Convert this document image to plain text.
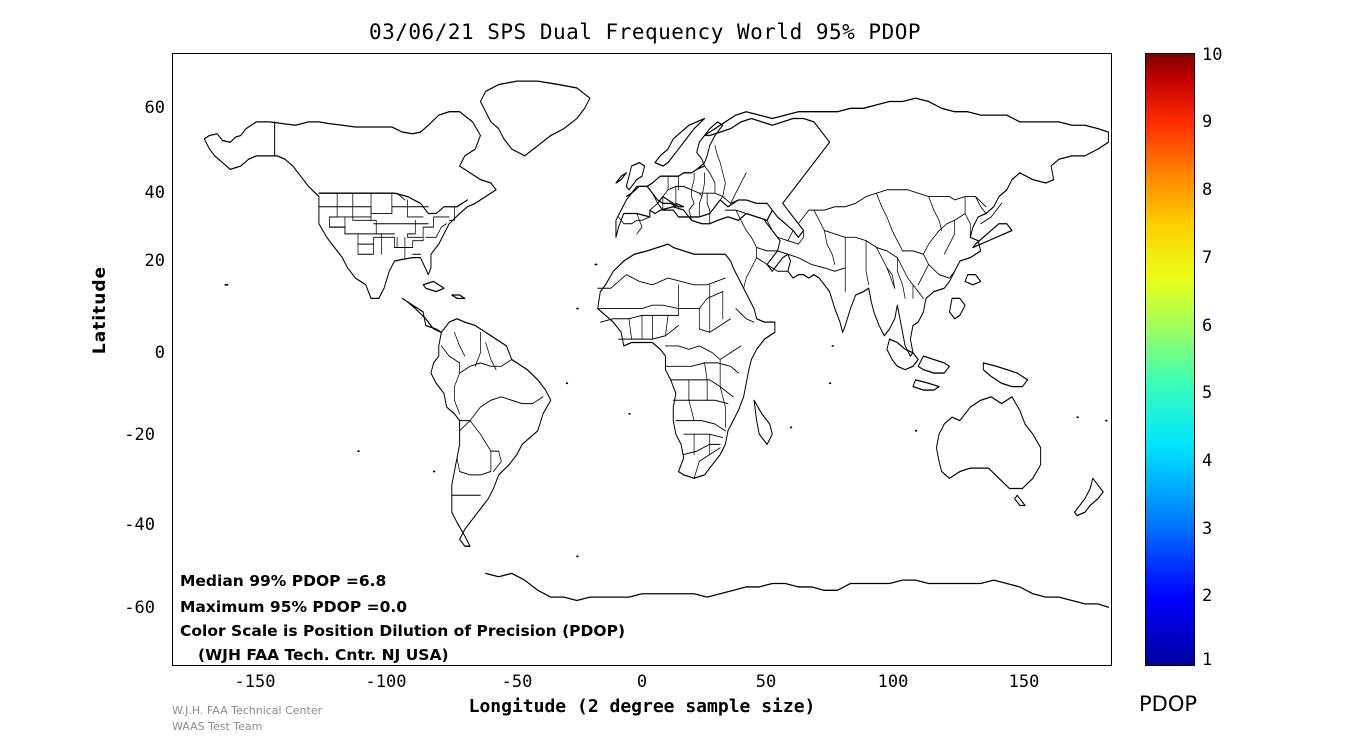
03/06/21 SPS Dual Frequency World 95% PDOP
60
40
20
0
-20
-40
-60
-150	-100	-50	0	50	100	150
Latitude
Longitude (2 degree sample size)
Median 99% PDOP =6.8
Maximum 95% PDOP =0.0
Color Scale is Position Dilution of Precision (PDOP)
(WJH FAA Tech. Cntr. NJ USA)
W.J.H. FAA Technical Center
WAAS Test Team
10
9
8
7
6
5
4
3
2
1
PDOP
